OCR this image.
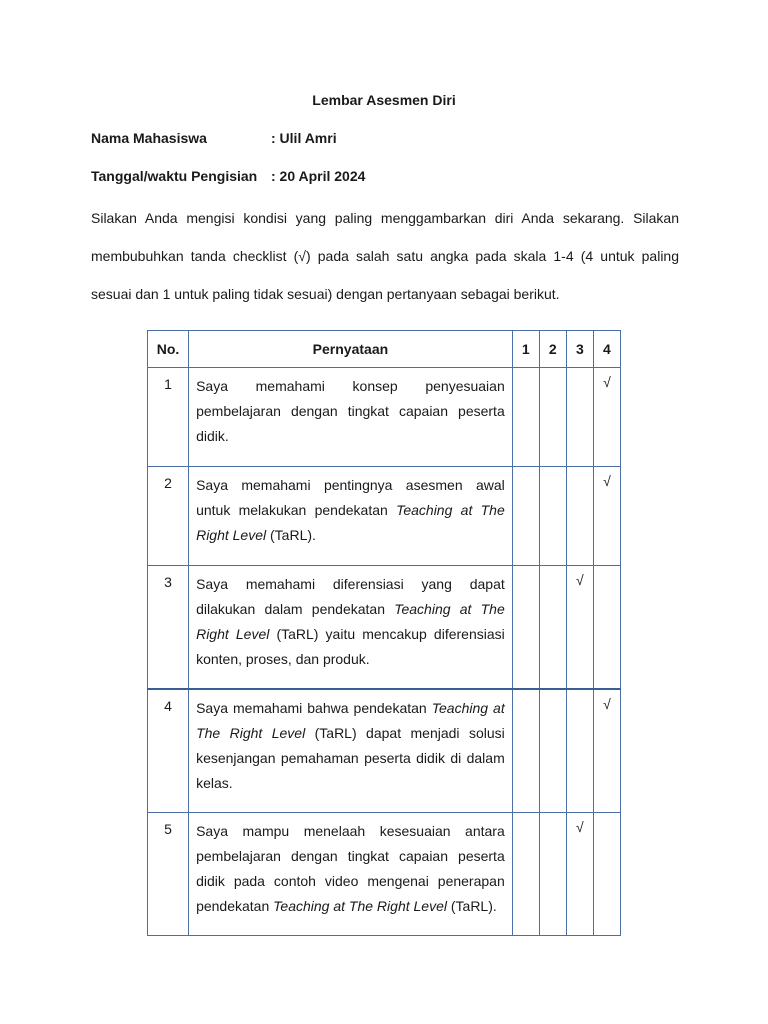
Lembar Asesmen Diri
Nama Mahasiswa	: Ulil Amri
Tanggal/waktu Pengisian : 20 April 2024
Silakan Anda mengisi kondisi yang paling menggambarkan diri Anda sekarang. Silakan membubuhkan tanda checklist (√) pada salah satu angka pada skala 1-4 (4 untuk paling sesuai dan 1 untuk paling tidak sesuai) dengan pertanyaan sebagai berikut.
No.	Pernyataan	1	2	3	4
1	Saya memahami konsep penyesuaian pembelajaran dengan tingkat capaian peserta didik.				√
2	Saya memahami pentingnya asesmen awal untuk melakukan pendekatan Teaching at The Right Level (TaRL).				√
3	Saya memahami diferensiasi yang dapat dilakukan dalam pendekatan Teaching at The Right Level (TaRL) yaitu mencakup diferensiasi konten, proses, dan produk.			√	
4	Saya memahami bahwa pendekatan Teaching at The Right Level (TaRL) dapat menjadi solusi kesenjangan pemahaman peserta didik di dalam kelas.				√
5	Saya mampu menelaah kesesuaian antara pembelajaran dengan tingkat capaian peserta didik pada contoh video mengenai penerapan pendekatan Teaching at The Right Level (TaRL).			√	
